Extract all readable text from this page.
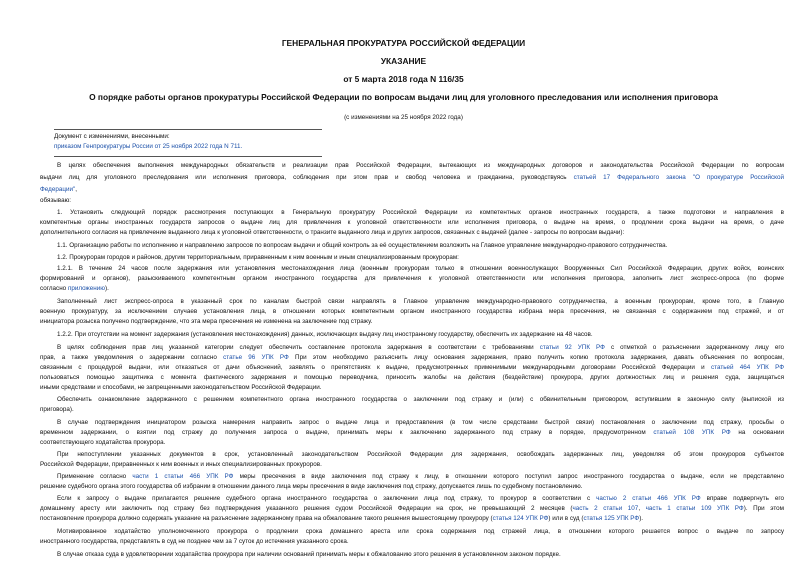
ГЕНЕРАЛЬНАЯ ПРОКУРАТУРА РОССИЙСКОЙ ФЕДЕРАЦИИ
УКАЗАНИЕ
от 5 марта 2018 года N 116/35
О порядке работы органов прокуратуры Российской Федерации по вопросам выдачи лиц для уголовного преследования или исполнения приговора
(с изменениями на 25 ноября 2022 года)
Документ с изменениями, внесенными:
приказом Генпрокуратуры России от 25 ноября 2022 года N 711.
В целях обеспечения выполнения международных обязательств и реализации прав Российской Федерации, вытекающих из международных договоров и законодательства Российской Федерации по вопросам
выдачи лиц для уголовного преследования или исполнения приговора, соблюдения при этом прав и свобод человека и гражданина, руководствуясь статьей 17 Федерального закона "О прокуратуре Российской
Федерации",
обязываю:
1. Установить следующий порядок рассмотрения поступающих в Генеральную прокуратуру Российской Федерации из компетентных органов иностранных государств, а также подготовки и направления в
компетентные органы иностранных государств запросов о выдаче лиц для привлечения к уголовной ответственности или исполнения приговора, о выдаче на время, о продлении срока выдачи на время, о даче
дополнительного согласия на привлечение выданного лица к уголовной ответственности, о транзите выданного лица и других запросов, связанных с выдачей (далее - запросы по вопросам выдачи):
1.1. Организацию работы по исполнению и направлению запросов по вопросам выдачи и общий контроль за её осуществлением возложить на Главное управление международно-правового сотрудничества.
1.2. Прокурорам городов и районов, другим территориальным, приравненным к ним военным и иным специализированным прокурорам:
1.2.1. В течение 24 часов после задержания или установления местонахождения лица (военным прокурорам только в отношении военнослужащих Вооруженных Сил Российской Федерации, других войск, воинских
формирований и органов), разыскиваемого компетентным органом иностранного государства для привлечения к уголовной ответственности или исполнения приговора, заполнить лист экспресс-опроса (по форме
согласно приложению).
Заполненный лист экспресс-опроса в указанный срок по каналам быстрой связи направлять в Главное управление международно-правового сотрудничества, а военным прокурорам, кроме того, в Главную
военную прокуратуру, за исключением случаев установления лица, в отношении которых компетентным органом иностранного государства избрана мера пресечения, не связанная с содержанием под стражей, и от
инициатора розыска получено подтверждение, что эта мера пресечения не изменена на заключение под стражу.
1.2.2. При отсутствии на момент задержания (установления местонахождения) данных, исключающих выдачу лиц иностранному государству, обеспечить их задержание на 48 часов.
В целях соблюдения прав лиц указанной категории следует обеспечить составление протокола задержания в соответствии с требованиями статьи 92 УПК РФ с отметкой о разъяснении задержанному лицу его
прав, а также уведомления о задержании согласно статье 96 УПК РФ При этом необходимо разъяснить лицу основания задержания, право получить копию протокола задержания, давать объяснения по вопросам,
связанным с процедурой выдачи, или отказаться от дачи объяснений, заявлять о препятствиях к выдаче, предусмотренных применимыми международными договорами Российской Федерации и статьей 464 УПК РФ
пользоваться помощью защитника с момента фактического задержания и помощью переводчика, приносить жалобы на действия (бездействие) прокурора, других должностных лиц и решения суда, защищаться
иными средствами и способами, не запрещенными законодательством Российской Федерации.
Обеспечить ознакомление задержанного с решением компетентного органа иностранного государства о заключении под стражу и (или) с обвинительным приговором, вступившим в законную силу (выпиской из
приговора).
В случае подтверждения инициатором розыска намерения направить запрос о выдаче лица и предоставления (в том числе средствами быстрой связи) постановления о заключении под стражу, просьбы о
временном задержании, о взятии под стражу до получения запроса о выдаче, принимать меры к заключению задержанного под стражу в порядке, предусмотренном статьей 108 УПК РФ на основании
соответствующего ходатайства прокурора.
При непоступлении указанных документов в срок, установленный законодательством Российской Федерации для задержания, освобождать задержанных лиц, уведомляя об этом прокуроров субъектов
Российской Федерации, приравненных к ним военных и иных специализированных прокуроров.
Применение согласно части 1 статьи 466 УПК РФ меры пресечения в виде заключения под стражу к лицу, в отношении которого поступил запрос иностранного государства о выдаче, если не представлено
решение судебного органа этого государства об избрании в отношении данного лица меры пресечения в виде заключения под стражу, допускается лишь по судебному постановлению.
Если к запросу о выдаче прилагается решение судебного органа иностранного государства о заключении лица под стражу, то прокурор в соответствии с частью 2 статьи 466 УПК РФ вправе подвергнуть его
домашнему аресту или заключить под стражу без подтверждения указанного решения судом Российской Федерации на срок, не превышающий 2 месяцев (часть 2 статьи 107, часть 1 статьи 109 УПК РФ). При этом
постановление прокурора должно содержать указание на разъяснение задержанному права на обжалование такого решения вышестоящему прокурору (статья 124 УПК РФ) или в суд (статья 125 УПК РФ).
Мотивированное ходатайство уполномоченного прокурора о продлении срока домашнего ареста или срока содержания под стражей лица, в отношении которого решается вопрос о выдаче по запросу
иностранного государства, представлять в суд не позднее чем за 7 суток до истечения указанного срока.
В случае отказа суда в удовлетворении ходатайства прокурора при наличии оснований принимать меры к обжалованию этого решения в установленном законом порядке.
